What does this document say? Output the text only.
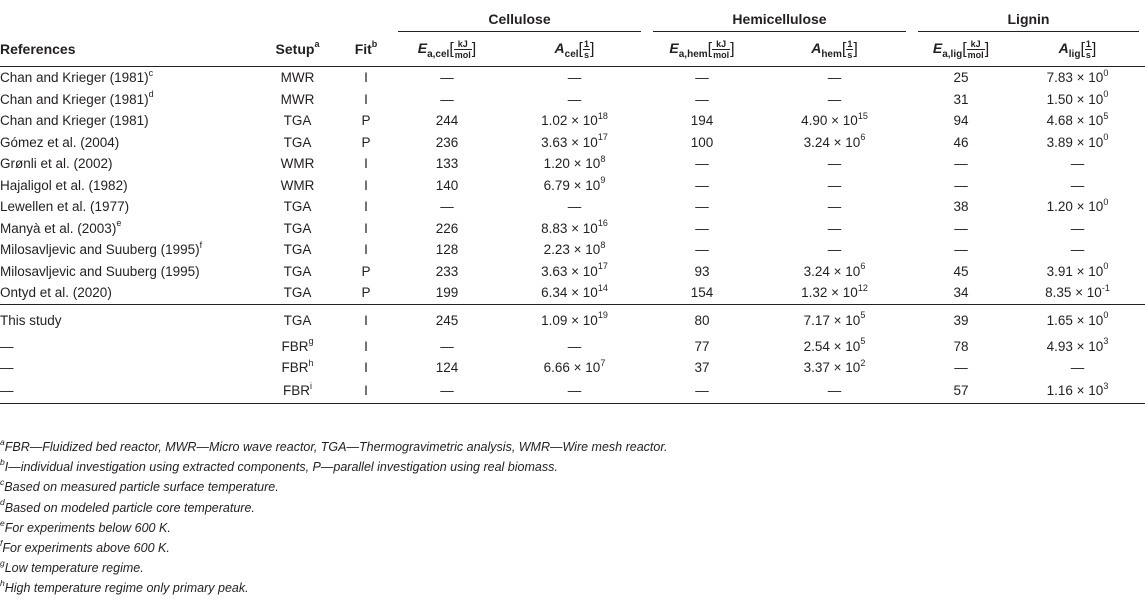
			Cellulose		Hemicellulose		Lignin	

References	Setup$^a$	Fit$^b$	$E_{a,cel}[ \frac{kJ}{\text{mol}}$ ]	$A_{cel}[ \frac{1}{s}$ ]	$E_{a,hem}[ \frac{kJ}{\text{mol}}$ ]	$A_{hem}[ \frac{1}{s}$ ]	$E_{a,lig}[ \frac{kJ}{\text{mol}}$ ]	$A_{lig}[ \frac{1}{s}$ ]
Chan and Krieger $(1981)^c$	MWR	I	—	—	—	—	25	$7.83 \times 10^0$
Chan and Krieger $(1981)^d$	MWR	I	—	—	—	—	31	$1.50 \times 10^0$
Chan and Krieger (1981)	TGA	P	244	$1.02 \times 10^{18}$	194	$4.90 \times 10^{15}$	94	$4.68 \times 10^5$
Gómez et al. (2004)	TGA	P	236	$3.63 \times 10^{17}$	100	$3.24 \times 10^6$	46	$3.89 \times 10^0$
Grønli et al. (2002)	WMR	I	133	$1.20 \times 10^8$	—	—	—	—
Hajaligol et al. (1982)	WMR	I	140	$6.79 \times 10^9$	—	—	—	—
Lewellen et al. (1977)	TGA	I	—	—	—	—	38	$1.20 \times 10^0$
Manyà et al. $(2003)^e$	TGA	I	226	$8.83 \times 10^{16}$	—	—	—	—
Milosavljevic and Suuberg $(1995)^f$	TGA	I	128	$2.23 \times 10^8$	—	—	—	—
Milosavljevic and Suuberg (1995)	TGA	P	233	$3.63 \times 10^{17}$	93	$3.24 \times 10^6$	45	$3.91 \times 10^0$
Ontyd et al. (2020)	TGA	P	199	$6.34 \times 10^{14}$	154	$1.32 \times 10^{12}$	34	$8.35 \times 10^{-1}$
This study	TGA	I	245	$1.09 \times 10^{19}$	80	$7.17 \times 10^5$	39	$1.65 \times 10^0$
—	FBR$^g$	I	—	—	77	$2.54 \times 10^5$	78	$4.93 \times 10^3$
—	FBR$^h$	I	124	$6.66 \times 10^7$	37	$3.37 \times 10^2$	—	—
—	FBR$^i$	I	—	—	—	—	57	$1.16 \times 10^3$
$^a$FBR—Fluidized bed reactor, MWR—Micro wave reactor, TGA—Thermogravimetric analysis, WMR—Wire mesh reactor.
$^b$I—individual investigation using extracted components, P—parallel investigation using real biomass.
$^c$Based on measured particle surface temperature.
$^d$Based on modeled particle core temperature.
$^e$For experiments below 600 K.
$^f$For experiments above 600 K.
$^g$Low temperature regime.
$^h$High temperature regime only primary peak.
